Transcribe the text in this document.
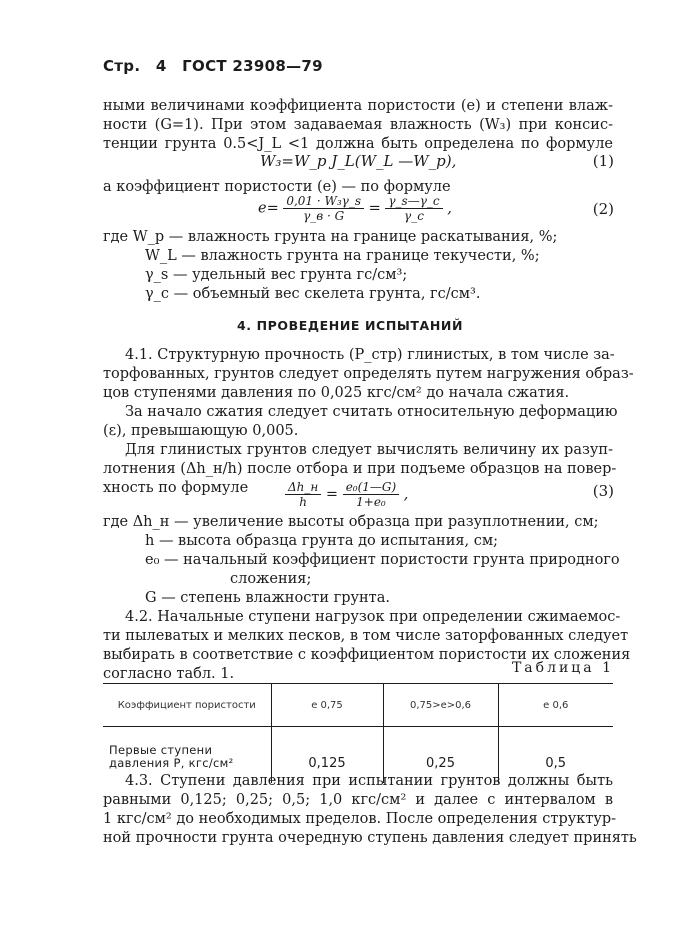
Стр. 4 ГОСТ 23908—79
ными величинами коэффициента пористости (e) и степени влаж-
ности (G=1). При этом задаваемая влажность (W₃) при консис-
тенции грунта 0.5<J_L <1 должна быть определена по формуле
W₃=W_p J_L(W_L —W_p),	(1)
а коэффициент пористости (e) — по формуле
$e= \frac{\text{0,01 · W₃γ\_s}}{\gamma\_в \cdot G} = \frac{\gamma\_s—\gamma\_c}{\gamma\_c}$ ,	(2)
где W_p — влажность грунта на границе раскатывания, %;
W_L — влажность грунта на границе текучести, %;
γ_s — удельный вес грунта гс/см³;
γ_c — объемный вес скелета грунта, гс/см³.
4. ПРОВЕДЕНИЕ ИСПЫТАНИЙ
4.1. Структурную прочность (P_стр) глинистых, в том числе за-
торфованных, грунтов следует определять путем нагружения образ-
цов ступенями давления по 0,025 кгс/см² до начала сжатия.
За начало сжатия следует считать относительную деформацию
(ε), превышающую 0,005.
Для глинистых грунтов следует вычислять величину их разуп-
лотнения (Δh_н/h) после отбора и при подъеме образцов на повер-
хность по формуле	$\frac{\Delta h\_н}{h} = \frac{\text{e₀(1—G)}}{\text{1+e₀}}$ ,	(3)
где Δh_н — увеличение высоты образца при разуплотнении, см;
h — высота образца грунта до испытания, см;
e₀ — начальный коэффициент пористости грунта природного
сложения;
G — степень влажности грунта.
4.2. Начальные ступени нагрузок при определении сжимаемос-
ти пылеватых и мелких песков, в том числе заторфованных следует
выбирать в соответствие с коэффициентом пористости их сложения
согласно табл. 1.	Таблица 1
Коэффициент пористости	e 0,75	0,75>e>0,6	e 0,6
Первые ступени давления P, кгс/см²	0,125	0,25	0,5
4.3. Ступени давления при испытании грунтов должны быть
равными 0,125; 0,25; 0,5; 1,0 кгс/см² и далее с интервалом в
1 кгс/см² до необходимых пределов. После определения структур-
ной прочности грунта очередную ступень давления следует принять
